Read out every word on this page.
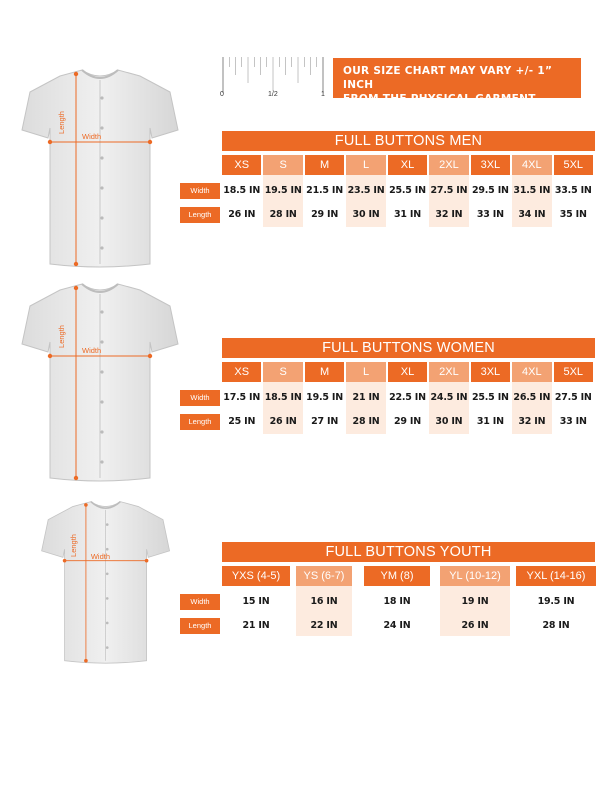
0	1/2	1
OUR SIZE CHART MAY VARY +/- 1” INCH
FROM THE PHYSICAL GARMENT.
Length
Width
Length
Width
Length Width
FULL BUTTONS MEN
XS	S	M	L	XL	2XL	3XL	4XL	5XL
Width	18.5 IN 19.5 IN 21.5 IN 23.5 IN 25.5 IN 27.5 IN 29.5 IN 31.5 IN 33.5 IN
Length	26 IN	28 IN	29 IN	30 IN	31 IN	32 IN	33 IN	34 IN	35 IN
FULL BUTTONS WOMEN
XS	S	M	L	XL	2XL	3XL	4XL	5XL
Width	17.5 IN 18.5 IN 19.5 IN	21 IN	22.5 IN 24.5 IN 25.5 IN 26.5 IN 27.5 IN
Length	25 IN	26 IN	27 IN	28 IN	29 IN	30 IN	31 IN	32 IN	33 IN
FULL BUTTONS YOUTH
YXS (4-5)	YS (6-7)	YM (8)	YL (10-12)	YXL (14-16)
Width	15 IN	16 IN	18 IN	19 IN	19.5 IN
Length	21 IN	22 IN	24 IN	26 IN	28 IN
